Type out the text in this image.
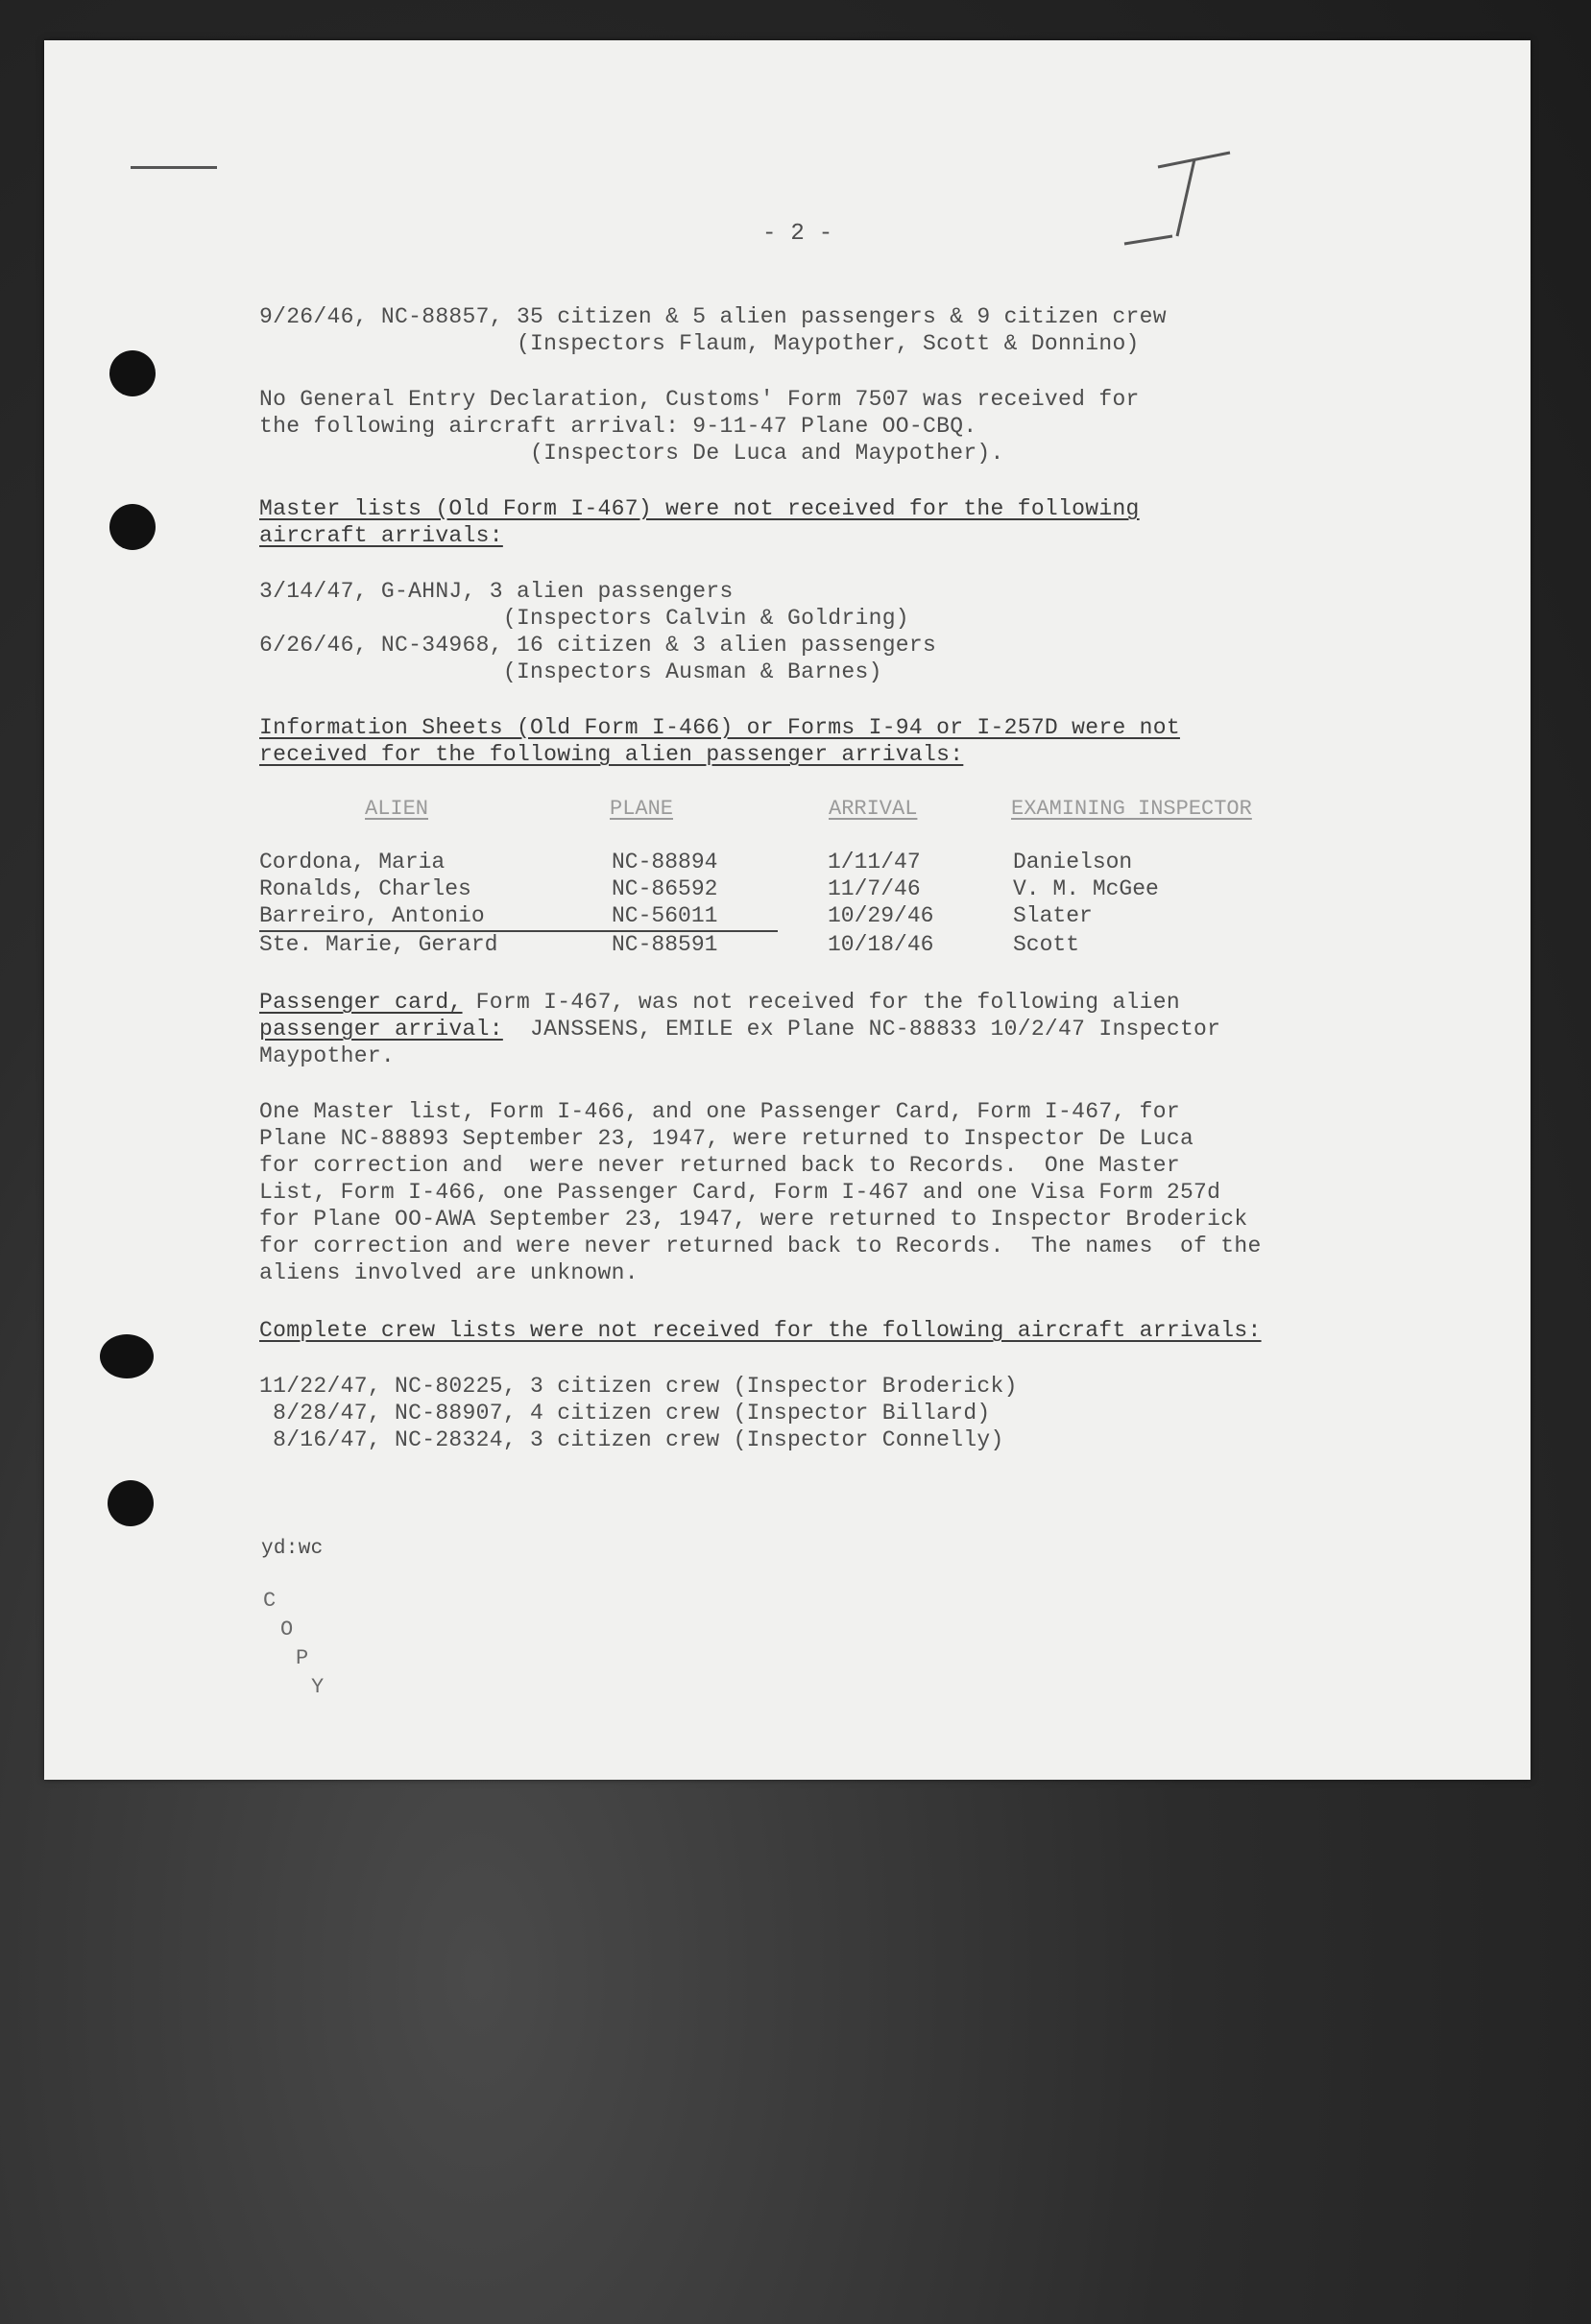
- 2 -

9/26/46, NC-88857, 35 citizen & 5 alien passengers & 9 citizen crew

(Inspectors Flaum, Maypother, Scott & Donnino)

No General Entry Declaration, Customs' Form 7507 was received for

the following aircraft arrival: 9-11-47 Plane OO-CBQ.

(Inspectors De Luca and Maypother).

Master lists (Old Form I-467) were not received for the following

aircraft arrivals:

3/14/47, G-AHNJ, 3 alien passengers

(Inspectors Calvin & Goldring)

6/26/46, NC-34968, 16 citizen & 3 alien passengers

(Inspectors Ausman & Barnes)

Information Sheets (Old Form I-466) or Forms I-94 or I-257D were not

received for the following alien passenger arrivals:

ALIEN	PLANE	ARRIVAL	EXAMINING INSPECTOR
Cordona, Maria	NC-88894	1/11/47	Danielson
Ronalds, Charles	NC-86592	11/7/46	V. M. McGee
Barreiro, Antonio	NC-56011	10/29/46	Slater
Ste. Marie, Gerard	NC-88591	10/18/46	Scott

Passenger card, Form I-467, was not received for the following alien

passenger arrival:  JANSSENS, EMILE ex Plane NC-88833 10/2/47 Inspector

Maypother.

One Master list, Form I-466, and one Passenger Card, Form I-467, for

Plane NC-88893 September 23, 1947, were returned to Inspector De Luca

for correction and  were never returned back to Records.  One Master

List, Form I-466, one Passenger Card, Form I-467 and one Visa Form 257d

for Plane OO-AWA September 23, 1947, were returned to Inspector Broderick

for correction and were never returned back to Records.  The names  of the

aliens involved are unknown.

Complete crew lists were not received for the following aircraft arrivals:

11/22/47, NC-80225, 3 citizen crew (Inspector Broderick)

8/28/47, NC-88907, 4 citizen crew (Inspector Billard)

8/16/47, NC-28324, 3 citizen crew (Inspector Connelly)

yd:wc

C
O
P
Y
